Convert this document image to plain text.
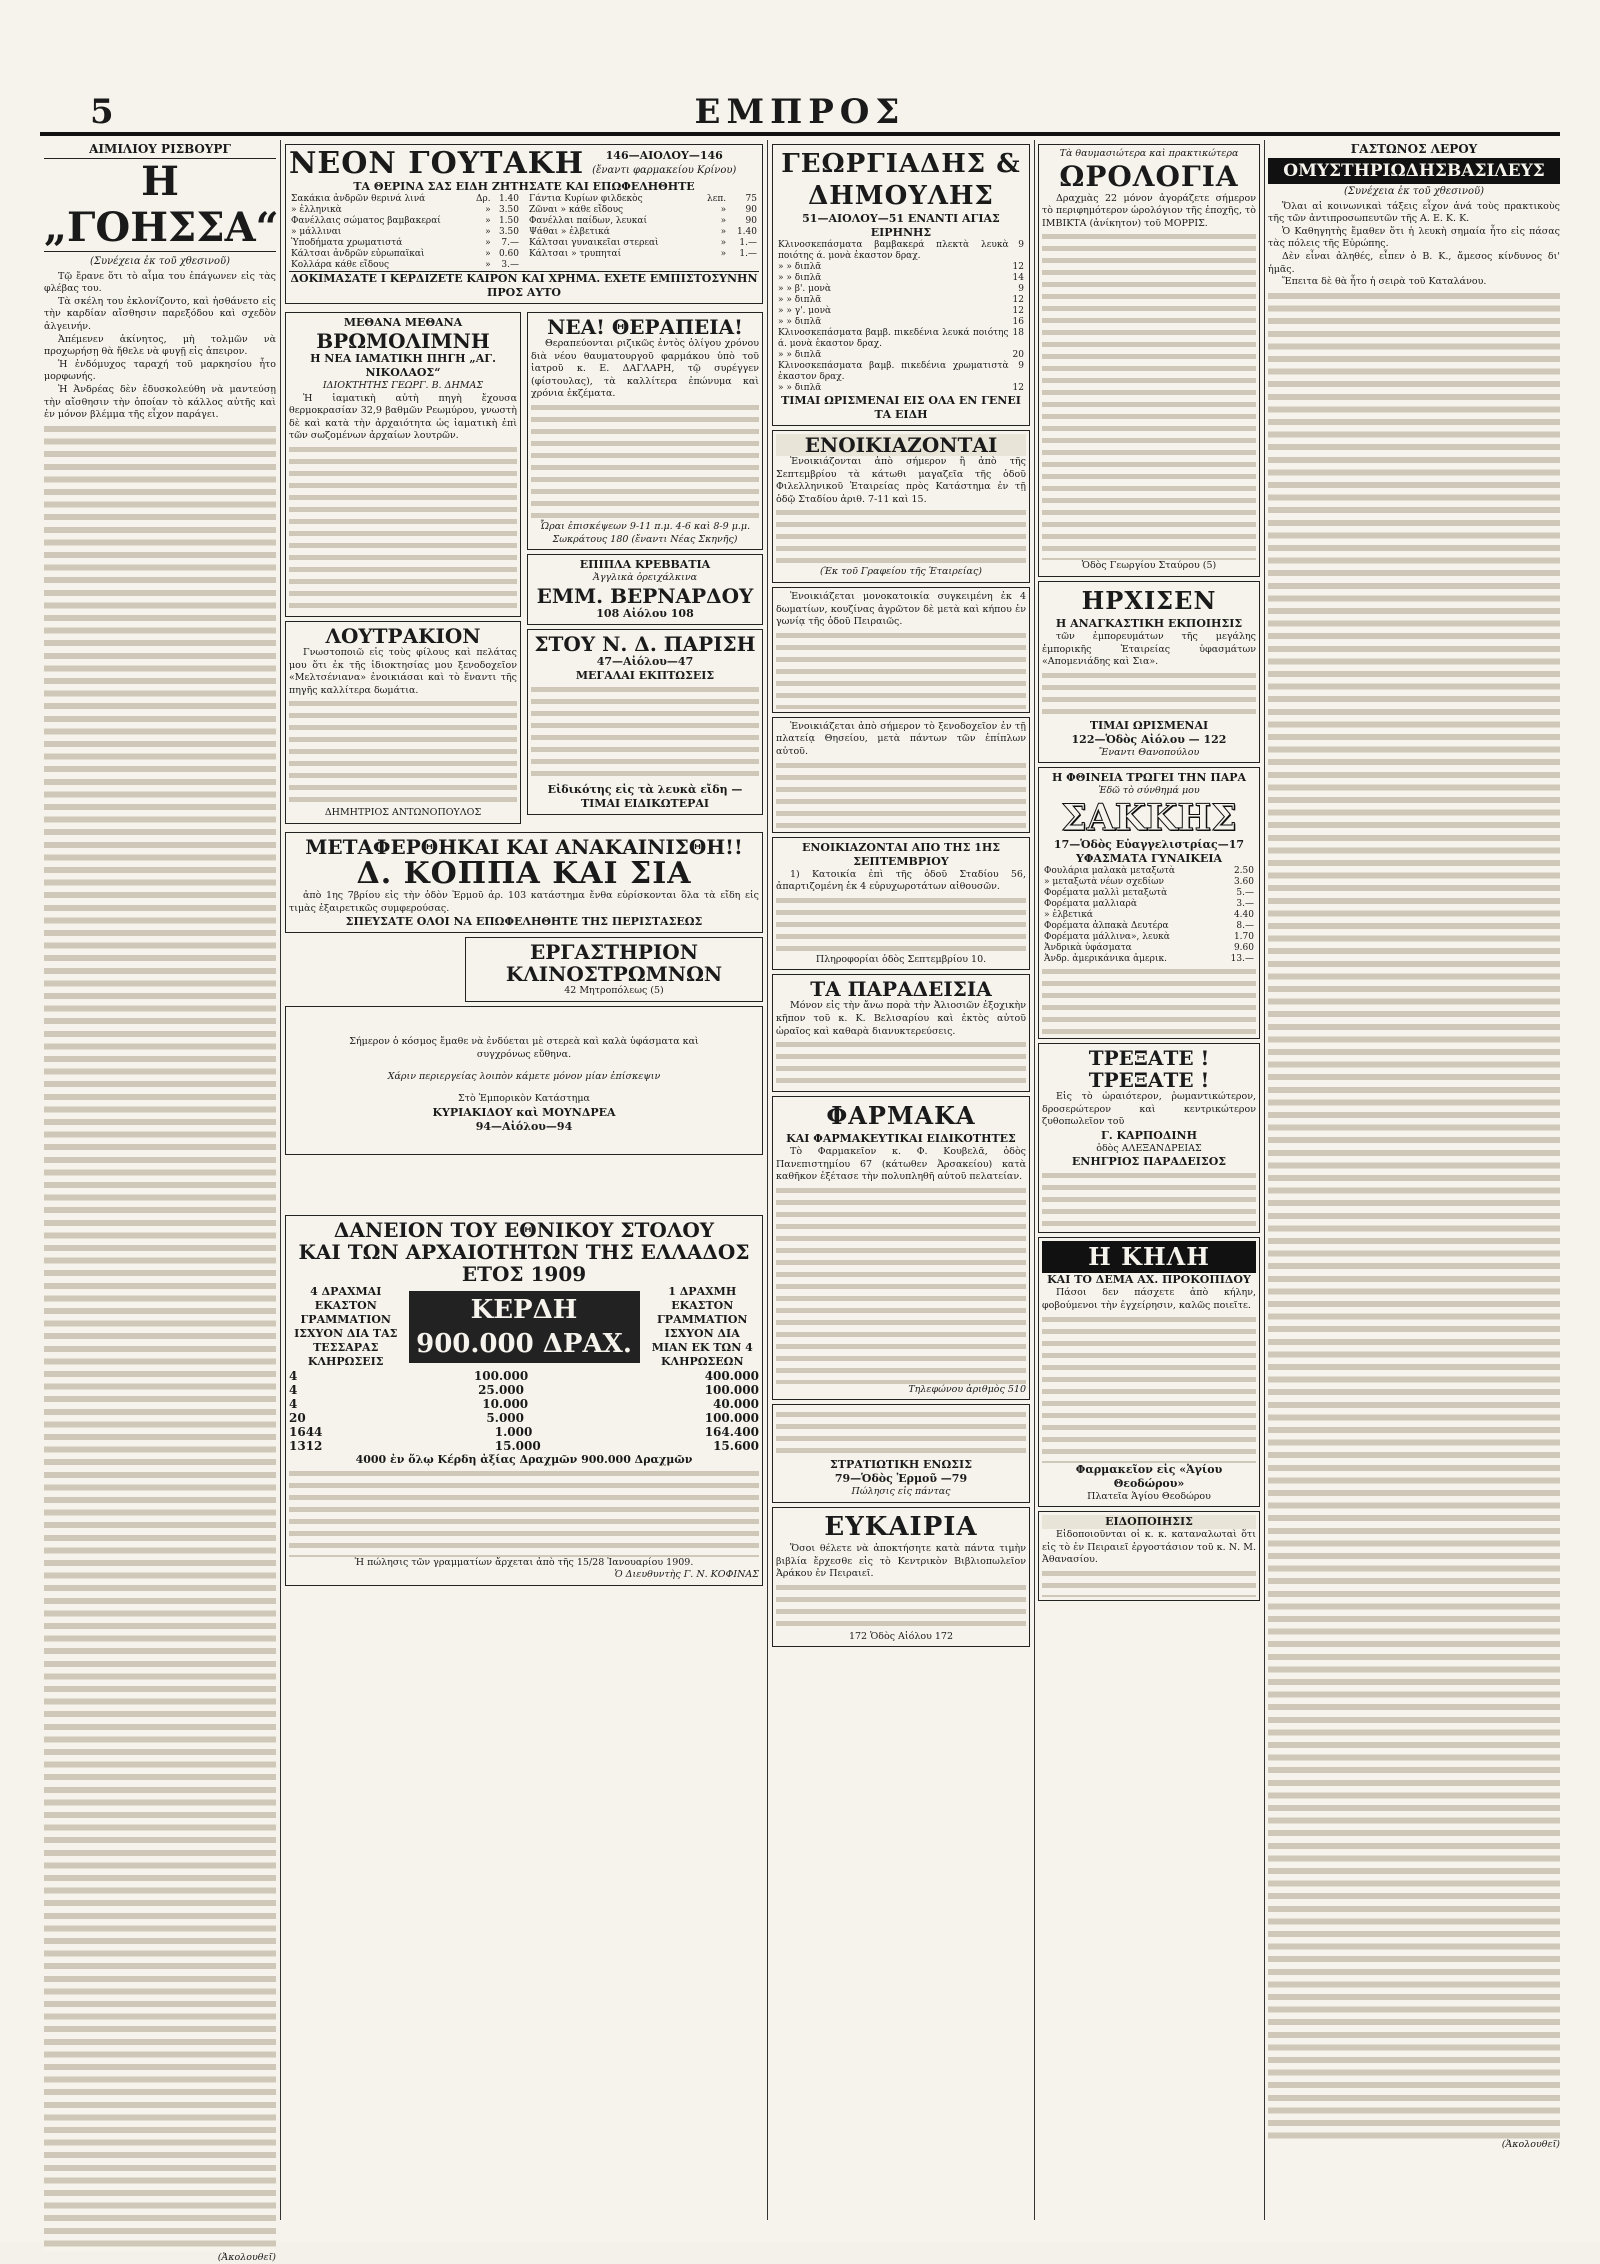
5	ΕΜΠΡΟΣ
ΑΙΜΙΛΙΟΥ ΡΙΣΒΟΥΡΓ
Η „ΓΟΗΣΣΑ“
(Συνέχεια ἐκ τοῦ χθεσινοῦ)

Τῷ ἔρανε ὅτι τὸ αἷμα του ἐπάγωνεν εἰς τὰς φλέβας του.

Τὰ σκέλη του ἐκλονίζοντο, καὶ ἠσθάνετο εἰς τὴν καρδίαν αἴσθησιν παρεξόδου καὶ σχεδὸν ἀλγεινήν.

Ἀπέμενεν ἀκίνητος, μὴ τολμῶν νὰ προχωρήσῃ θὰ ἤθελε νὰ φυγῇ εἰς ἀπειρον.

Ἡ ἐνδόμυχος ταραχή τοῦ μαρκησίου ἦτο μορφωνής.

Ἡ Ἀνδρέας δὲν ἐδυσκολεύθη νὰ μαντεύσῃ τὴν αἴσθησιν τὴν ὁποίαν τὸ κάλλος αὐτῆς καὶ ἐν μόνον βλέμμα τῆς εἶχον παράγει.

(Ἀκολουθεῖ)
ΝΕΟΝ ΓΟΥΤΑΚΗ	146—ΑΙΟΛΟΥ—146
(ἔναντι φαρμακείου Κρίνου)
ΤΑ ΘΕΡΙΝΑ ΣΑΣ ΕΙΔΗ ΖΗΤΗΣΑΤΕ ΚΑΙ ΕΠΩΦΕΛΗΘΗΤΕ
Σακάκια ἀνδρῶν θερινά λινά	Δρ.	1.40
» ἐλληνικὰ	»	3.50
Φανέλλαις σώματος βαμβακεραί	»	1.50
» μάλλιναι	»	3.50
Ὑποδήματα χρωματιστά	»	7.—
Κάλτσαι ἀνδρῶν εὐρωπαϊκαὶ	»	0.60
Κολλάρα κάθε εἴδους	»	3.—
Γάντια Κυρίων φιλδεκὸς	λεπ.	75
Ζῶναι » κάθε εἴδους	»	90
Φανέλλαι παίδων, λευκαί	»	90
Ψάθαι » ἐλβετικά	»	1.40
Κάλτσαι γυναικεῖαι στερεαὶ	»	1.—
Κάλτσαι » τρυπηταί	»	1.—
ΔΟΚΙΜΑΣΑΤΕ Ι ΚΕΡΔΙΖΕΤΕ ΚΑΙΡΟΝ ΚΑΙ ΧΡΗΜΑ. ΕΧΕΤΕ ΕΜΠΙΣΤΟΣΥΝΗΝ ΠΡΟΣ ΑΥΤΟ
ΜΕΘΑΝΑ ΜΕΘΑΝΑ
ΒΡΩΜΟΛΙΜΝΗ
Η ΝΕΑ ΙΑΜΑΤΙΚΗ ΠΗΓΗ „ΑΓ. ΝΙΚΟΛΑΟΣ“
ΙΔΙΟΚΤΗΤΗΣ ΓΕΩΡΓ. Β. ΔΗΜΑΣ

Ἡ ἰαματικὴ αὐτὴ πηγὴ ἔχουσα θερμοκρασίαν 32,9 βαθμῶν Ρεωμύρου, γνωστὴ δὲ καὶ κατὰ τὴν ἀρχαιότητα ὡς ἰαματικὴ ἐπὶ τῶν σωζομένων ἀρχαίων λουτρῶν.

ΛΟΥΤΡΑΚΙΟΝ

Γνωστοποιῶ εἰς τοὺς φίλους καὶ πελάτας μου ὅτι ἐκ τῆς ἰδιοκτησίας μου ξενοδοχεῖον «Μελτσένιανα» ἐνοικιάσαι καὶ τὸ ἔναντι τῆς πηγῆς καλλίτερα δωμάτια.

ΔΗΜΗΤΡΙΟΣ ΑΝΤΩΝΟΠΟΥΛΟΣ
ΝΕΑ! ΘΕΡΑΠΕΙΑ!

Θεραπεύονται ριζικῶς ἐντὸς ὀλίγου χρόνου διὰ νέου θαυματουργοῦ φαρμάκου ὑπὸ τοῦ ἰατροῦ κ. Ε. ΔΑΓΛΑΡΗ, τῷ συρέγγεν (φίστουλας), τὰ καλλίτερα ἐπώνυμα καὶ χρόνια ἐκζέματα.

Ὧραι ἐπισκέψεων 9-11 π.μ. 4-6 καὶ 8-9 μ.μ. Σωκράτους 180 (ἔναντι Νέας Σκηνῆς)
ΕΠΙΠΛΑ ΚΡΕΒΒΑΤΙΑ
Ἀγγλικὰ ὀρειχάλκινα
ΕΜΜ. ΒΕΡΝΑΡΔΟΥ
108 Αἰόλου 108
ΣΤΟΥ Ν. Δ. ΠΑΡΙΣΗ
47—Αἰόλου—47
ΜΕΓΑΛΑΙ ΕΚΠΤΩΣΕΙΣ
Εἰδικότης εἰς τὰ λευκὰ εἴδη — ΤΙΜΑΙ ΕΙΔΙΚΩΤΕΡΑΙ
ΜΕΤΑΦΕΡΘΗΚΑΙ ΚΑΙ ΑΝΑΚΑΙΝΙΣΘΗ!!
Δ. ΚΟΠΠΑ ΚΑΙ ΣΙΑ

ἀπὸ 1ης 7βρίου εἰς τὴν ὁδὸν Ἑρμοῦ ἀρ. 103 κατάστημα ἔνθα εὑρίσκονται ὅλα τὰ εἴδη εἰς τιμὰς ἐξαιρετικῶς συμφερούσας.

ΣΠΕΥΣΑΤΕ ΟΛΟΙ ΝΑ ΕΠΩΦΕΛΗΘΗΤΕ ΤΗΣ ΠΕΡΙΣΤΑΣΕΩΣ
ΕΡΓΑΣΤΗΡΙΟΝ
ΚΛΙΝΟΣΤΡΩΜΝΩΝ
42 Μητροπόλεως (5)

Σήμερον ὁ κόσμος ἔμαθε νὰ ἐνδύεται μὲ στερεὰ καὶ καλὰ ὑφάσματα καὶ συγχρόνως εὔθηνα.

Χάριν περιεργείας λοιπὸν κάμετε μόνον μίαν ἐπίσκεψιν

Στὸ Ἐμπορικὸν Κατάστημα
ΚΥΡΙΑΚΙΔΟΥ καὶ ΜΟΥΝΔΡΕΑ
94—Αἰόλου—94
ΔΑΝΕΙΟΝ ΤΟΥ ΕΘΝΙΚΟΥ ΣΤΟΛΟΥ
ΚΑΙ ΤΩΝ ΑΡΧΑΙΟΤΗΤΩΝ ΤΗΣ ΕΛΛΑΔΟΣ
ΕΤΟΣ 1909
4 ΔΡΑΧΜΑΙ ΕΚΑΣΤΟΝ ΓΡΑΜΜΑΤΙΟΝ ΙΣΧΥΟΝ ΔΙΑ ΤΑΣ ΤΕΣΣΑΡΑΣ ΚΛΗΡΩΣΕΙΣ
ΚΕΡΔΗ 900.000 ΔΡΑΧ.
1 ΔΡΑΧΜΗ ΕΚΑΣΤΟΝ ΓΡΑΜΜΑΤΙΟΝ ΙΣΧΥΟΝ ΔΙΑ ΜΙΑΝ ΕΚ ΤΩΝ 4 ΚΛΗΡΩΣΕΩΝ
4	100.000	400.000
4	25.000	100.000
4	10.000	40.000
20	5.000	100.000
1644	1.000	164.400
1312	15.000	15.600
4000 ἐν ὅλῳ Κέρδη ἀξίας Δραχμῶν 900.000 Δραχμῶν
Ἡ πώλησις τῶν γραμματίων ἄρχεται ἀπὸ τῆς 15/28 Ἰανουαρίου 1909.
Ὁ Διευθυντὴς Γ. Ν. ΚΟΦΙΝΑΣ
ΓΕΩΡΓΙΑΔΗΣ & ΔΗΜΟΥΛΗΣ
51—ΑΙΟΛΟΥ—51 ΕΝΑΝΤΙ ΑΓΙΑΣ ΕΙΡΗΝΗΣ
Κλινοσκεπάσματα βαμβακερά πλεκτὰ λευκὰ ποιότης ά. μονὰ ἑκαστον δραχ.	9
» » διπλᾶ	12
» » διπλᾶ	14
» » β'. μονὰ	9
» » διπλᾶ	12
» » γ'. μονὰ	12
» » διπλᾶ	16
Κλινοσκεπάσματα βαμβ. πικεδένια λευκά ποιότης ά. μονὰ ἑκαστον δραχ.	18
» » διπλᾶ	20
Κλινοσκεπάσματα βαμβ. πικεδένια χρωματιστὰ ἑκαστον δραχ.	9
» » διπλᾶ	12
ΤΙΜΑΙ ΩΡΙΣΜΕΝΑΙ ΕΙΣ ΟΛΑ ΕΝ ΓΕΝΕΙ ΤΑ ΕΙΔΗ
ΕΝΟΙΚΙΑΖΟΝΤΑΙ

Ἐνοικιάζονται ἀπὸ σήμερον ἢ ἀπὸ τῆς Σεπτεμβρίου τὰ κάτωθι μαγαζεῖα τῆς ὁδοῦ Φιλελληνικοῦ Ἑταιρείας πρὸς Κατάστημα ἐν τῇ ὁδῷ Σταδίου ἀριθ. 7-11 καὶ 15.

(Ἐκ τοῦ Γραφείου τῆς Ἑταιρείας)

Ἐνοικιάζεται μονοκατοικία συγκειμένη ἐκ 4 δωματίων, κουζίνας ἀγρῶτον δὲ μετὰ καὶ κήπου ἐν γωνίᾳ τῆς ὁδοῦ Πειραιῶς.

Ἐνοικιάζεται ἀπὸ σήμερον τὸ ξενοδοχεῖον ἐν τῇ πλατείᾳ Θησείου, μετὰ πάντων τῶν ἐπίπλων αὐτοῦ.

ΕΝΟΙΚΙΑΖΟΝΤΑΙ ΑΠΟ ΤΗΣ 1ΗΣ ΣΕΠΤΕΜΒΡΙΟΥ

1) Κατοικία ἐπὶ τῆς ὁδοῦ Σταδίου 56, ἀπαρτιζομένη ἐκ 4 εὐρυχωροτάτων αἰθουσῶν.

Πληροφορίαι ὁδὸς Σεπτεμβρίου 10.
ΤΑ ΠΑΡΑΔΕΙΣΙΑ

Μόνον εἰς τὴν ἄνω πορὰ τὴν Ἀλιοσιῶν ἐξοχικὴν κῆπον τοῦ κ. Κ. Βελισαρίου καὶ ἐκτὸς αὐτοῦ ὡραῖος καὶ καθαρὰ διανυκτερεύσεις.

ΦΑΡΜΑΚΑ
ΚΑΙ ΦΑΡΜΑΚΕΥΤΙΚΑΙ ΕΙΔΙΚΟΤΗΤΕΣ

Τὸ Φαρμακεῖον κ. Φ. Κουβελᾶ, ὁδὸς Πανεπιστημίου 67 (κάτωθεν Ἀρσακείου) κατὰ καθῆκον ἐξέτασε τὴν πολυπληθῆ αὐτοῦ πελατείαν.

Τηλεφώνου ἀριθμὸς 510
ΣΤΡΑΤΙΩΤΙΚΗ ΕΝΩΣΙΣ
79—Ὁδὸς Ἑρμοῦ —79
Πώλησις εἰς πάντας
ΕΥΚΑΙΡΙΑ

Ὅσοι θέλετε νὰ ἀποκτήσητε κατὰ πάντα τιμὴν βιβλία ἔρχεσθε εἰς τὸ Κεντρικὸν Βιβλιοπωλεῖον Ἀράκου ἐν Πειραιεῖ.

172 Ὁδὸς Αἰόλου 172
Τὰ θαυμασιώτερα καὶ πρακτικώτερα
ΩΡΟΛΟΓΙΑ

Δραχμὰς 22 μόνον ἀγοράζετε σήμερον τὸ περιφημότερον ὡρολόγιον τῆς ἐποχῆς, τὸ ΙΜΒΙΚΤΑ (ἀνίκητον) τοῦ ΜΟΡΡΙΣ.

Ὁδὸς Γεωργίου Σταύρου (5)
ΗΡΧΙΣΕΝ
Η ΑΝΑΓΚΑΣΤΙΚΗ ΕΚΠΟΙΗΣΙΣ

τῶν ἐμπορευμάτων τῆς μεγάλης ἐμπορικῆς Ἑταιρείας ὑφασμάτων «Απομενιάδης καὶ Σια».

ΤΙΜΑΙ ΩΡΙΣΜΕΝΑΙ
122—Ὁδὸς Αἰόλου — 122
Ἔναντι Θανοπούλου
Η ΦΘΙΝΕΙΑ ΤΡΩΓΕΙ ΤΗΝ ΠΑΡΑ
Ἐδῶ τὸ σύνθημά μου
ΣΑΚΚΗΣ
17—Ὁδὸς Εὐαγγελιστρίας—17
ΥΦΑΣΜΑΤΑ ΓΥΝΑΙΚΕΙΑ
Φουλάρια μαλακὰ μεταξωτὰ	2.50
» μεταξωτὰ νέων σχεδίων	3.60
Φορέματα μαλλὶ μεταξωτὰ	5.—
Φορέματα μαλλιαρὰ	3.—
» ἐλβετικά	4.40
Φορέματα ἀλπακὰ Δευτέρα	8.—
Φορέματα μάλλινα», λευκὰ	1.70
Ἀνδρικὰ ὑφάσματα	9.60
Ἀνδρ. ἀμερικάνικα ἀμερικ.	13.—
ΤΡΕΞΑΤΕ ! ΤΡΕΞΑΤΕ !

Εἰς τὸ ὡραιότερον, ῥωμαντικώτερον, δροσερώτερον καὶ κεντρικώτερον ζυθοπωλεῖον τοῦ

Γ. ΚΑΡΠΟΔΙΝΗ
ὁδὸς ΑΛΕΞΑΝΔΡΕΙΑΣ
ΕΝΗΓΡΙΟΣ ΠΑΡΑΔΕΙΣΟΣ
Η ΚΗΛΗ
ΚΑΙ ΤΟ ΔΕΜΑ ΑΧ. ΠΡΟΚΟΠΙΔΟΥ

Πάσοι δεν πάσχετε ἀπὸ κήλην, φοβούμενοι τὴν ἐγχείρησιν, καλῶς ποιεῖτε.

Φαρμακεῖον εἰς «Ἁγίου Θεοδώρου»
Πλατεῖα Ἁγίου Θεοδώρου
ΕΙΔΟΠΟΙΗΣΙΣ

Εἰδοποιοῦνται οἱ κ. κ. καταναλωταὶ ὅτι εἰς τὸ ἐν Πειραιεῖ ἐργοστάσιον τοῦ κ. Ν. Μ. Ἀθανασίου.

ΓΑΣΤΩΝΟΣ ΛΕΡΟΥ
ΟΜΥΣΤΗΡΙΩΔΗΣΒΑΣΙΛΕΥΣ
(Συνέχεια ἐκ τοῦ χθεσινοῦ)

Ὅλαι αἱ κοινωνικαὶ τάξεις εἶχον ἀνά τοὺς πρακτικοὺς τῆς τῶν ἀντιπροσωπευτῶν τῆς Α. Ε. Κ. Κ.

Ὁ Καθηγητὴς ἔμαθεν ὅτι ἡ λευκὴ σημαία ἦτο εἰς πάσας τὰς πόλεις τῆς Εὐρώπης.

Δὲν εἶναι ἀληθές, εἶπεν ὁ Β. Κ., ἄμεσος κίνδυνος δι' ἡμᾶς.

Ἔπειτα δὲ θὰ ἦτο ἡ σειρὰ τοῦ Καταλάνου.

(Ἀκολουθεῖ)
